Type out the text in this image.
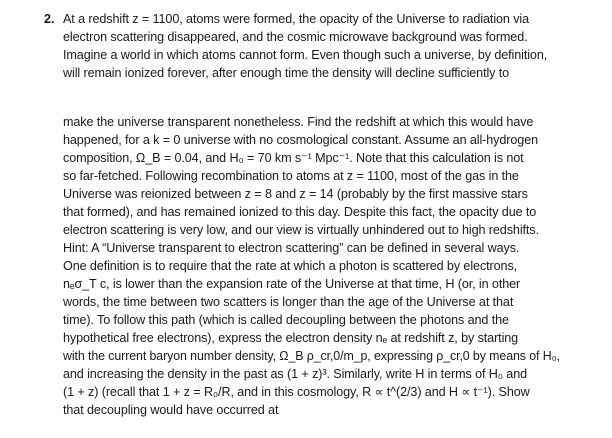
2. At a redshift z = 1100, atoms were formed, the opacity of the Universe to radiation via
electron scattering disappeared, and the cosmic microwave background was formed.
Imagine a world in which atoms cannot form. Even though such a universe, by definition,
will remain ionized forever, after enough time the density will decline sufficiently to
make the universe transparent nonetheless. Find the redshift at which this would have
happened, for a k = 0 universe with no cosmological constant. Assume an all-hydrogen
composition, Ω_B = 0.04, and H₀ = 70 km s⁻¹ Mpc⁻¹. Note that this calculation is not
so far-fetched. Following recombination to atoms at z = 1100, most of the gas in the
Universe was reionized between z = 8 and z = 14 (probably by the first massive stars
that formed), and has remained ionized to this day. Despite this fact, the opacity due to
electron scattering is very low, and our view is virtually unhindered out to high redshifts.
Hint: A “Universe transparent to electron scattering” can be defined in several ways.
One definition is to require that the rate at which a photon is scattered by electrons,
nₑσ_T c, is lower than the expansion rate of the Universe at that time, H (or, in other
words, the time between two scatters is longer than the age of the Universe at that
time). To follow this path (which is called decoupling between the photons and the
hypothetical free electrons), express the electron density nₑ at redshift z, by starting
with the current baryon number density, Ω_B ρ_cr,0/m_p, expressing ρ_cr,0 by means of H₀,
and increasing the density in the past as (1 + z)³. Similarly, write H in terms of H₀ and
(1 + z) (recall that 1 + z = R₀/R, and in this cosmology, R ∝ t^(2/3) and H ∝ t⁻¹). Show
that decoupling would have occurred at
